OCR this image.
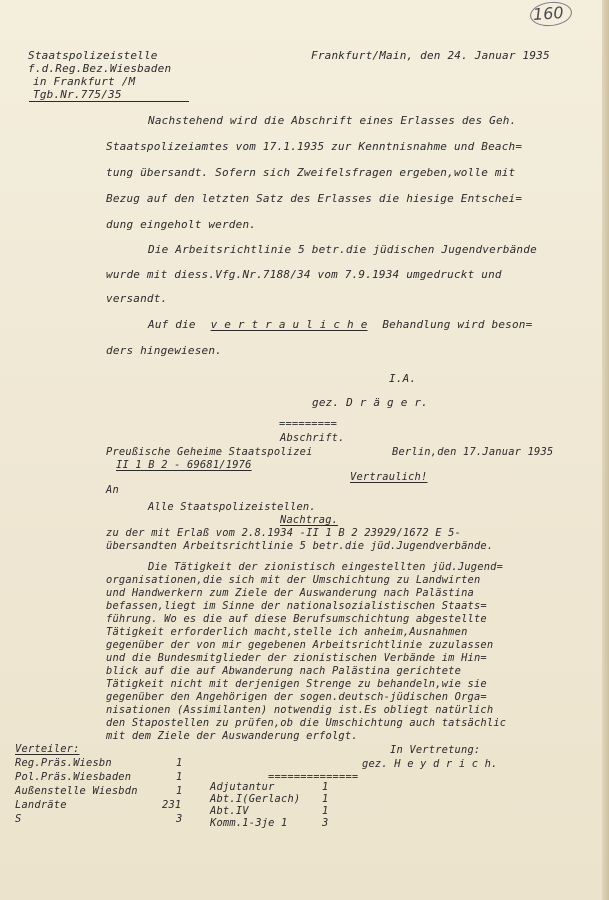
160
Staatspolizeistelle
f.d.Reg.Bez.Wiesbaden
in Frankfurt /M
Tgb.Nr.775/35
Frankfurt/Main, den 24. Januar 1935
Nachstehend wird die Abschrift eines Erlasses des Geh.
Staatspolizeiamtes vom 17.1.1935 zur Kenntnisnahme und Beach=
tung übersandt. Sofern sich Zweifelsfragen ergeben,wolle mit
Bezug auf den letzten Satz des Erlasses die hiesige Entschei=
dung eingeholt werden.
Die Arbeitsrichtlinie 5 betr.die jüdischen Jugendverbände
wurde mit diess.Vfg.Nr.7188/34 vom 7.9.1934 umgedruckt und
versandt.
Auf die v e r t r a u l i c h e Behandlung wird beson=
ders hingewiesen.
I.A.
gez. D r ä g e r.
=========
Abschrift.
Preußische Geheime Staatspolizei	Berlin,den 17.Januar 1935
II 1 B 2 - 69681/1976
Vertraulich!
An
Alle Staatspolizeistellen.
Nachtrag.
zu der mit Erlaß vom 2.8.1934 -II 1 B 2 23929/1672 E 5-
übersandten Arbeitsrichtlinie 5 betr.die jüd.Jugendverbände.
Die Tätigkeit der zionistisch eingestellten jüd.Jugend=
organisationen,die sich mit der Umschichtung zu Landwirten
und Handwerkern zum Ziele der Auswanderung nach Palästina
befassen,liegt im Sinne der nationalsozialistischen Staats=
führung. Wo es die auf diese Berufsumschichtung abgestellte
Tätigkeit erforderlich macht,stelle ich anheim,Ausnahmen
gegenüber der von mir gegebenen Arbeitsrichtlinie zuzulassen
und die Bundesmitglieder der zionistischen Verbände im Hin=
blick auf die auf Abwanderung nach Palästina gerichtete
Tätigkeit nicht mit derjenigen Strenge zu behandeln,wie sie
gegenüber den Angehörigen der sogen.deutsch-jüdischen Orga=
nisationen (Assimilanten) notwendig ist.Es obliegt natürlich
den Stapostellen zu prüfen,ob die Umschichtung auch tatsächlic
mit dem Ziele der Auswanderung erfolgt.
In Vertretung:
gez. H e y d r i c h.
Verteiler:
Reg.Präs.Wiesbn	1
Pol.Präs.Wiesbaden	1
Außenstelle Wiesbdn	1
Landräte	231
S	3
==============
Adjutantur	1
Abt.I(Gerlach) 1
Abt.IV	1
Komm.1-3je 1	3
